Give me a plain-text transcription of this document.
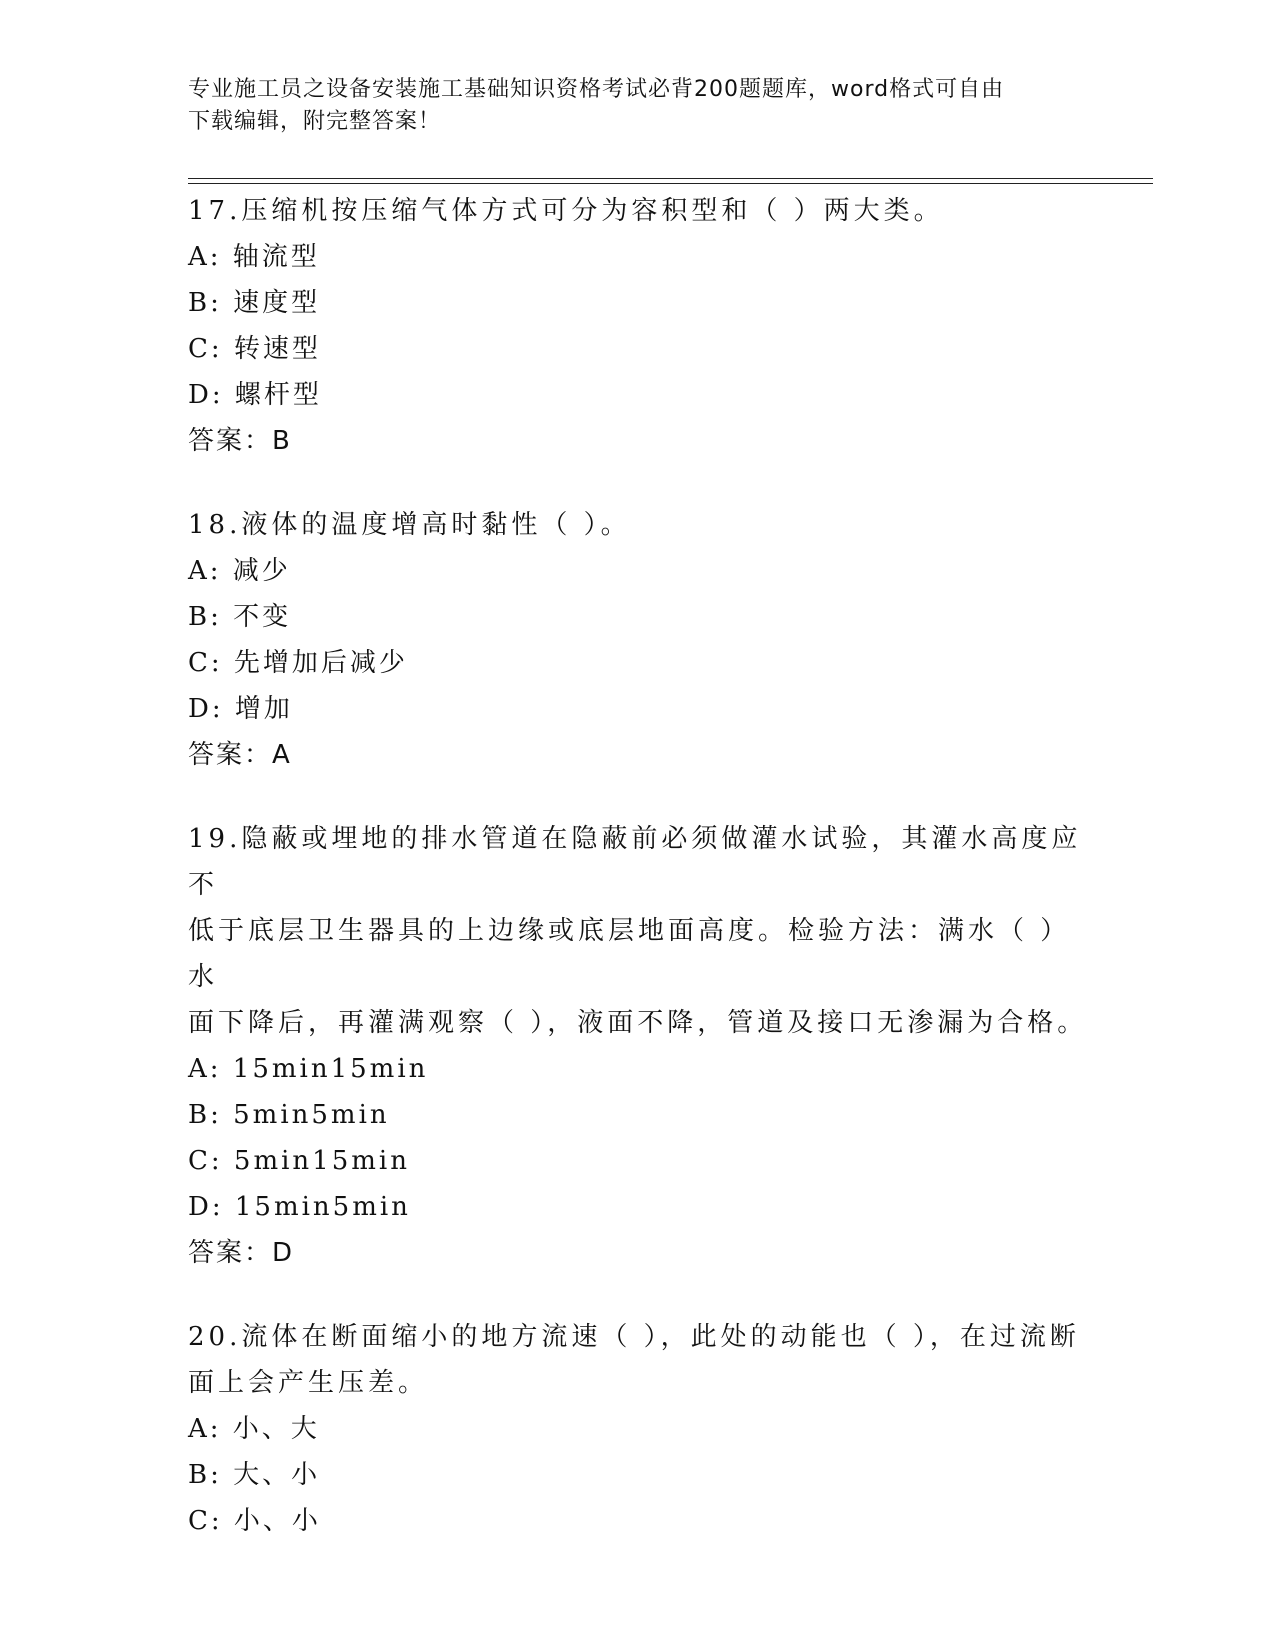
专业施工员之设备安装施工基础知识资格考试必背200题题库，word格式可自由
下载编辑，附完整答案！
17.压缩机按压缩气体方式可分为容积型和（ ）两大类。
A: 轴流型
B: 速度型
C: 转速型
D: 螺杆型
答案：B
18.液体的温度增高时黏性（ ）。
A: 减少
B: 不变
C: 先增加后减少
D: 增加
答案：A
19.隐蔽或埋地的排水管道在隐蔽前必须做灌水试验，其灌水高度应不
低于底层卫生器具的上边缘或底层地面高度。检验方法：满水（ ）水
面下降后，再灌满观察（ ），液面不降，管道及接口无渗漏为合格。
A: 15min15min
B: 5min5min
C: 5min15min
D: 15min5min
答案：D
20.流体在断面缩小的地方流速（ ），此处的动能也（ ），在过流断
面上会产生压差。
A: 小、大
B: 大、小
C: 小、小
